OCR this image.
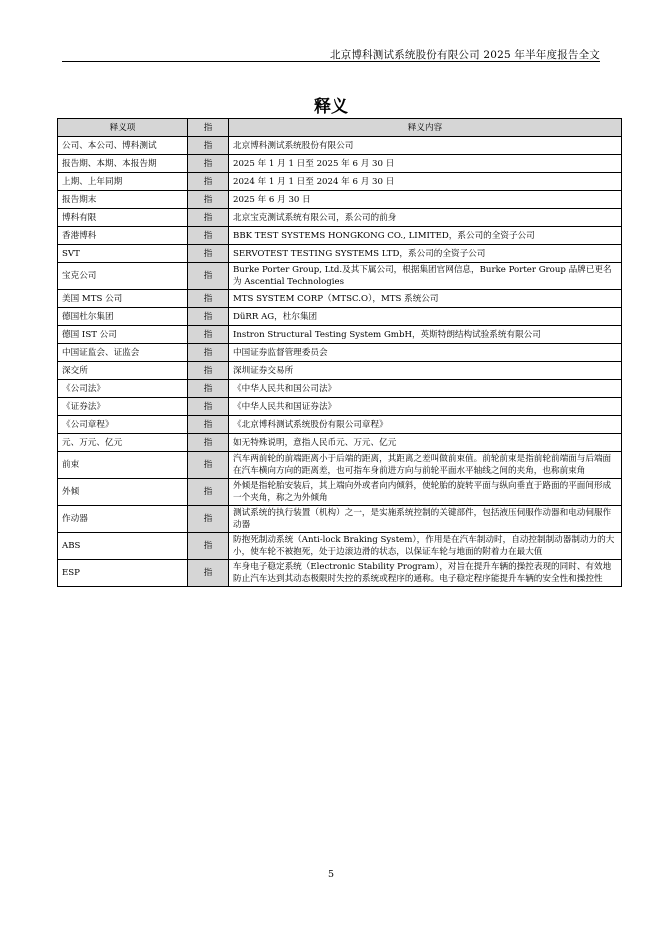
北京博科测试系统股份有限公司 2025 年半年度报告全文
释义
释义项	指	释义内容
公司、本公司、博科测试	指	北京博科测试系统股份有限公司
报告期、本期、本报告期	指	2025 年 1 月 1 日至 2025 年 6 月 30 日
上期、上年同期	指	2024 年 1 月 1 日至 2024 年 6 月 30 日
报告期末	指	2025 年 6 月 30 日
博科有限	指	北京宝克测试系统有限公司，系公司的前身
香港博科	指	BBK TEST SYSTEMS HONGKONG CO., LIMITED，系公司的全资子公司
SVT	指	SERVOTEST TESTING SYSTEMS LTD，系公司的全资子公司
宝克公司	指	Burke Porter Group, Ltd.及其下属公司，根据集团官网信息，Burke Porter Group 品牌已更名为 Ascential Technologies
美国 MTS 公司	指	MTS SYSTEM CORP（MTSC.O），MTS 系统公司
德国杜尔集团	指	DüRR AG，杜尔集团
德国 IST 公司	指	Instron Structural Testing System GmbH，英斯特朗结构试验系统有限公司
中国证监会、证监会	指	中国证券监督管理委员会
深交所	指	深圳证券交易所
《公司法》	指	《中华人民共和国公司法》
《证券法》	指	《中华人民共和国证券法》
《公司章程》	指	《北京博科测试系统股份有限公司章程》
元、万元、亿元	指	如无特殊说明，意指人民币元、万元、亿元
前束	指	汽车两前轮的前端距离小于后端的距离，其距离之差叫做前束值。前轮前束是指前轮前端面与后端面在汽车横向方向的距离差，也可指车身前进方向与前轮平面水平轴线之间的夹角，也称前束角
外倾	指	外倾是指轮胎安装后，其上端向外或者向内倾斜，使轮胎的旋转平面与纵向垂直于路面的平面间形成一个夹角，称之为外倾角
作动器	指	测试系统的执行装置（机构）之一，是实施系统控制的关键部件，包括液压伺服作动器和电动伺服作动器
ABS	指	防抱死制动系统（Anti-lock Braking System），作用是在汽车制动时，自动控制制动器制动力的大小，使车轮不被抱死，处于边滚边滑的状态，以保证车轮与地面的附着力在最大值
ESP	指	车身电子稳定系统（Electronic Stability Program），对旨在提升车辆的操控表现的同时、有效地防止汽车达到其动态极限时失控的系统或程序的通称。电子稳定程序能提升车辆的安全性和操控性
5
